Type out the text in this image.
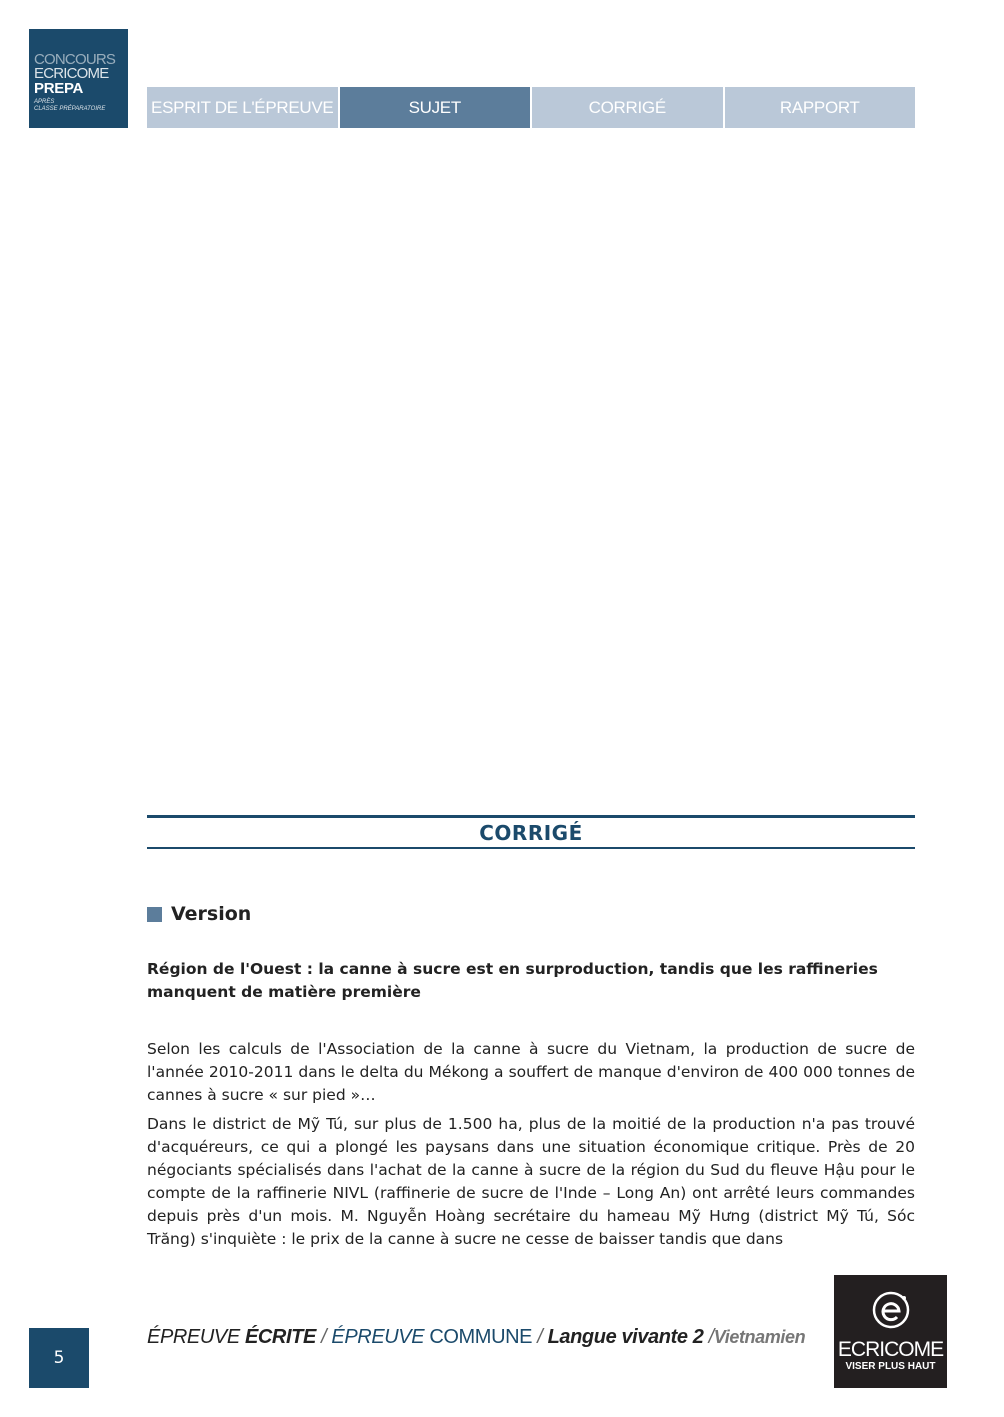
CONCOURS
ECRICOME
PREPA
APRÈS
CLASSE PRÉPARATOIRE	ESPRIT DE L'ÉPREUVE	SUJET	CORRIGÉ	RAPPORT
CORRIGÉ
Version
Région de l'Ouest : la canne à sucre est en surproduction, tandis que les raffineries manquent de matière première

Selon les calculs de l'Association de la canne à sucre du Vietnam, la production de sucre de l'année 2010-2011 dans le delta du Mékong a souffert de manque d'environ de 400 000 tonnes de cannes à sucre « sur pied »…

Dans le district de Mỹ Tú, sur plus de 1.500 ha, plus de la moitié de la production n'a pas trouvé d'acquéreurs, ce qui a plongé les paysans dans une situation économique critique. Près de 20 négociants spécialisés dans l'achat de la canne à sucre de la région du Sud du fleuve Hậu pour le compte de la raffinerie NIVL (raffinerie de sucre de l'Inde – Long An) ont arrêté leurs commandes depuis près d'un mois. M. Nguyễn Hoàng secrétaire du hameau Mỹ Hưng (district Mỹ Tú, Sóc Trăng) s'inquiète : le prix de la canne à sucre ne cesse de baisser tandis que dans

5
ÉPREUVE ÉCRITE / ÉPREUVE COMMUNE / Langue vivante 2 /Vietnamien
ECRICOME
VISER PLUS HAUT
